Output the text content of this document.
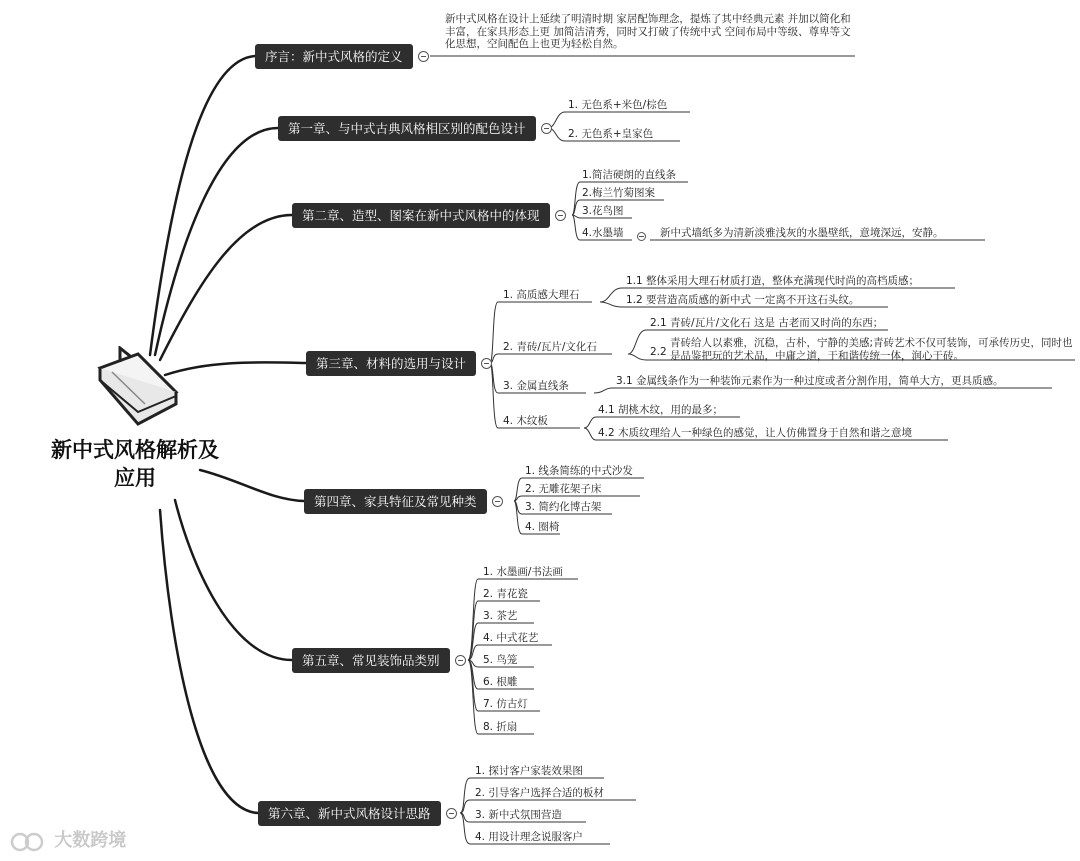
新中式风格解析及
应用
序言：新中式风格的定义
新中式风格在设计上延续了明清时期 家居配饰理念，提炼了其中经典元素 并加以简化和丰富，在家具形态上更 加简洁清秀，同时又打破了传统中式 空间布局中等级、尊卑等文化思想，空间配色上也更为轻松自然。
第一章、与中式古典风格相区别的配色设计
1. 无色系+米色/棕色
2. 无色系+皇家色
第二章、造型、图案在新中式风格中的体现
1.简洁硬朗的直线条
2.梅兰竹菊图案
3.花鸟图
4.水墨墙	新中式墙纸多为清新淡雅浅灰的水墨壁纸，意境深远，安静。
第三章、材料的选用与设计
1. 高质感大理石
2. 青砖/瓦片/文化石
3. 金属直线条
4. 木纹板
1.1 整体采用大理石材质打造，整体充满现代时尚的高档质感；
1.2 要营造高质感的新中式 一定离不开这石头纹。
2.1 青砖/瓦片/文化石 这是 古老而又时尚的东西；
2.2
青砖给人以素雅，沉稳，古朴，宁静的美感;青砖艺术不仅可装饰，可承传历史，同时也是品鉴把玩的艺术品，中庸之道，于和谐传统一体，润心于砖。
3.1 金属线条作为一种装饰元素作为一种过度或者分割作用，简单大方，更具质感。
4.1 胡桃木纹，用的最多；
4.2 木质纹理给人一种绿色的感觉，让人仿佛置身于自然和谐之意境
第四章、家具特征及常见种类
1. 线条简练的中式沙发
2. 无雕花架子床
3. 简约化博古架
4. 圈椅
第五章、常见装饰品类别
1. 水墨画/书法画
2. 青花瓷
3. 茶艺
4. 中式花艺
5. 鸟笼
6. 根雕
7. 仿古灯
8. 折扇
第六章、新中式风格设计思路
1. 探讨客户家装效果图
2. 引导客户选择合适的板材
3. 新中式氛围营造
4. 用设计理念说服客户
大数跨境
